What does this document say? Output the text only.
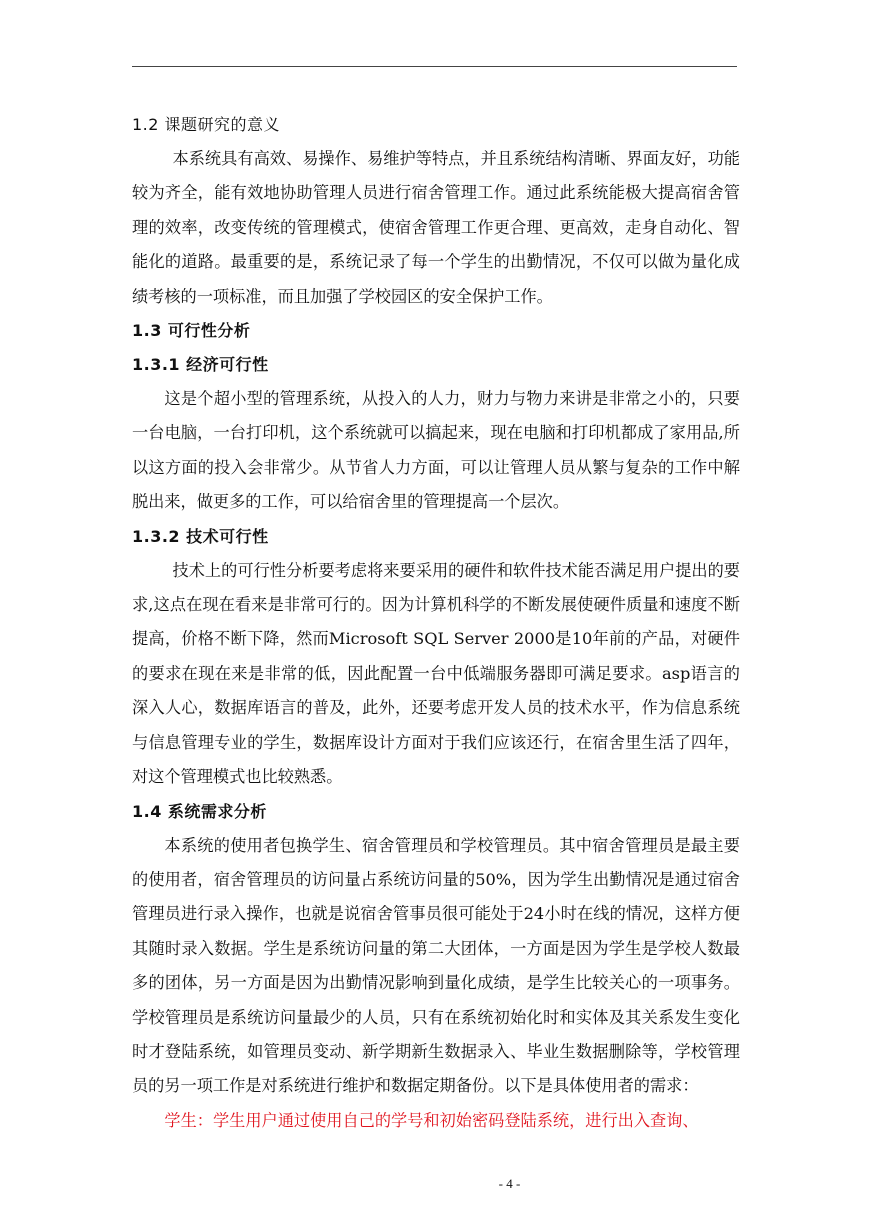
1.2 课题研究的意义

本系统具有高效、易操作、易维护等特点，并且系统结构清晰、界面友好，功能较为齐全，能有效地协助管理人员进行宿舍管理工作。通过此系统能极大提高宿舍管理的效率，改变传统的管理模式，使宿舍管理工作更合理、更高效，走身自动化、智能化的道路。最重要的是，系统记录了每一个学生的出勤情况，不仅可以做为量化成绩考核的一项标准，而且加强了学校园区的安全保护工作。

1.3 可行性分析
1.3.1 经济可行性

这是个超小型的管理系统，从投入的人力，财力与物力来讲是非常之小的，只要一台电脑，一台打印机，这个系统就可以搞起来，现在电脑和打印机都成了家用品,所以这方面的投入会非常少。从节省人力方面，可以让管理人员从繁与复杂的工作中解脱出来，做更多的工作，可以给宿舍里的管理提高一个层次。

1.3.2 技术可行性

技术上的可行性分析要考虑将来要采用的硬件和软件技术能否满足用户提出的要求,这点在现在看来是非常可行的。因为计算机科学的不断发展使硬件质量和速度不断提高，价格不断下降，然而Microsoft SQL Server 2000是10年前的产品，对硬件的要求在现在来是非常的低，因此配置一台中低端服务器即可满足要求。asp语言的深入人心，数据库语言的普及，此外，还要考虑开发人员的技术水平，作为信息系统与信息管理专业的学生，数据库设计方面对于我们应该还行，在宿舍里生活了四年，对这个管理模式也比较熟悉。

1.4 系统需求分析

本系统的使用者包换学生、宿舍管理员和学校管理员。其中宿舍管理员是最主要的使用者，宿舍管理员的访问量占系统访问量的50%，因为学生出勤情况是通过宿舍管理员进行录入操作，也就是说宿舍管事员很可能处于24小时在线的情况，这样方便其随时录入数据。学生是系统访问量的第二大团体，一方面是因为学生是学校人数最多的团体，另一方面是因为出勤情况影响到量化成绩，是学生比较关心的一项事务。学校管理员是系统访问量最少的人员，只有在系统初始化时和实体及其关系发生变化时才登陆系统，如管理员变动、新学期新生数据录入、毕业生数据删除等，学校管理员的另一项工作是对系统进行维护和数据定期备份。以下是具体使用者的需求：

学生：学生用户通过使用自己的学号和初始密码登陆系统，进行出入查询、

- 4 -
